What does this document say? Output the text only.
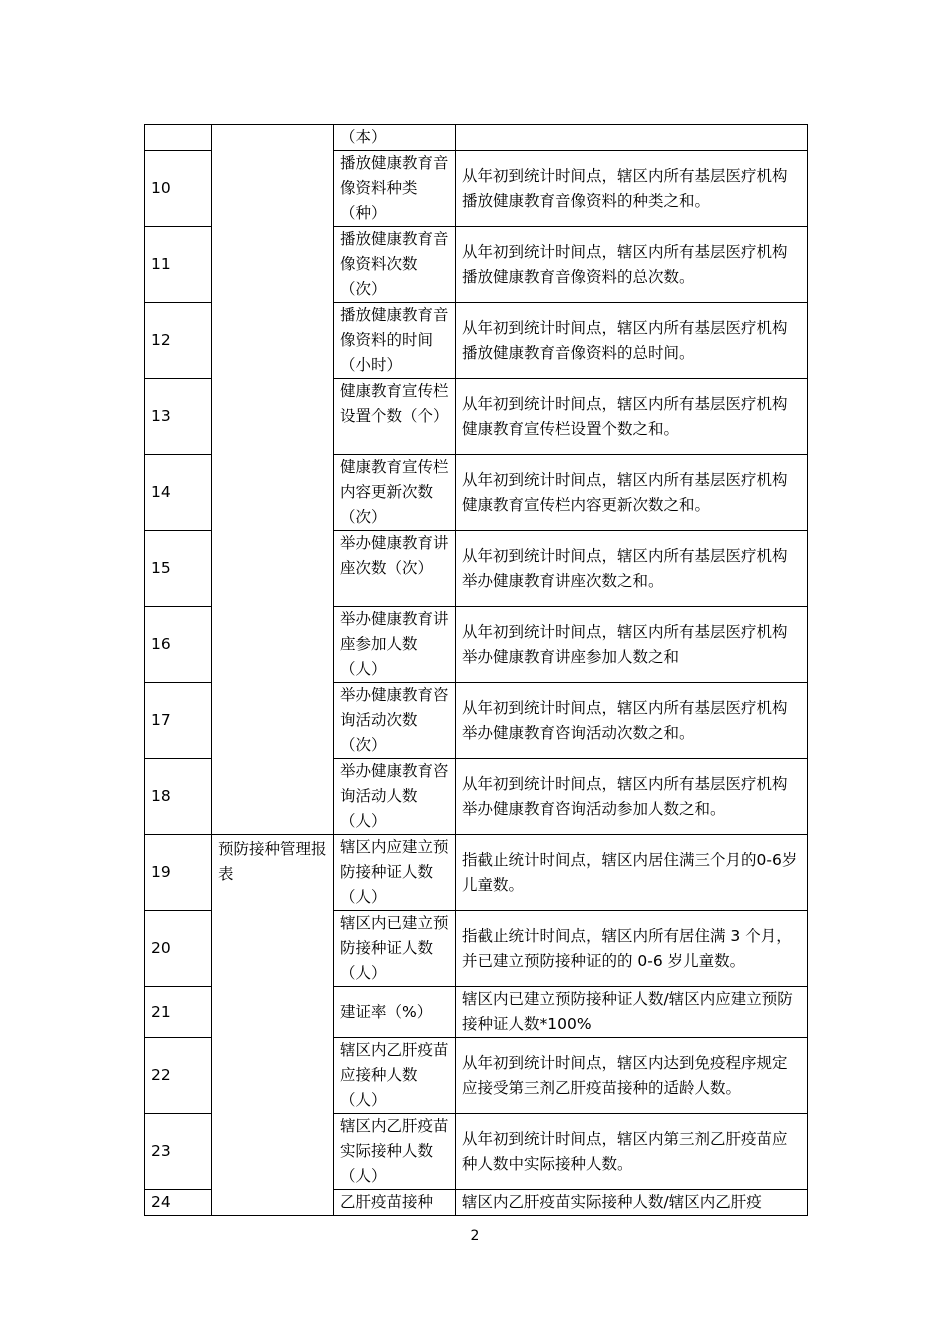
		（本）	
10		播放健康教育音像资料种类（种）	从年初到统计时间点，辖区内所有基层医疗机构播放健康教育音像资料的种类之和。
11		播放健康教育音像资料次数（次）	从年初到统计时间点，辖区内所有基层医疗机构播放健康教育音像资料的总次数。
12		播放健康教育音像资料的时间（小时）	从年初到统计时间点，辖区内所有基层医疗机构播放健康教育音像资料的总时间。
13		健康教育宣传栏设置个数（个）	从年初到统计时间点，辖区内所有基层医疗机构健康教育宣传栏设置个数之和。
14		健康教育宣传栏内容更新次数（次）	从年初到统计时间点，辖区内所有基层医疗机构健康教育宣传栏内容更新次数之和。
15		举办健康教育讲座次数（次）	从年初到统计时间点，辖区内所有基层医疗机构举办健康教育讲座次数之和。
16		举办健康教育讲座参加人数（人）	从年初到统计时间点，辖区内所有基层医疗机构举办健康教育讲座参加人数之和
17		举办健康教育咨询活动次数（次）	从年初到统计时间点，辖区内所有基层医疗机构举办健康教育咨询活动次数之和。
18		举办健康教育咨询活动人数（人）	从年初到统计时间点，辖区内所有基层医疗机构举办健康教育咨询活动参加人数之和。
19	预防接种管理报表	辖区内应建立预防接种证人数（人）	指截止统计时间点，辖区内居住满三个月的0-6岁儿童数。
20		辖区内已建立预防接种证人数（人）	指截止统计时间点，辖区内所有居住满 3 个月，并已建立预防接种证的的 0-6 岁儿童数。
21		建证率（%）	辖区内已建立预防接种证人数/辖区内应建立预防接种证人数*100%
22		辖区内乙肝疫苗应接种人数（人）	从年初到统计时间点，辖区内达到免疫程序规定应接受第三剂乙肝疫苗接种的适龄人数。
23		辖区内乙肝疫苗实际接种人数（人）	从年初到统计时间点，辖区内第三剂乙肝疫苗应种人数中实际接种人数。
24		乙肝疫苗接种	辖区内乙肝疫苗实际接种人数/辖区内乙肝疫
2
